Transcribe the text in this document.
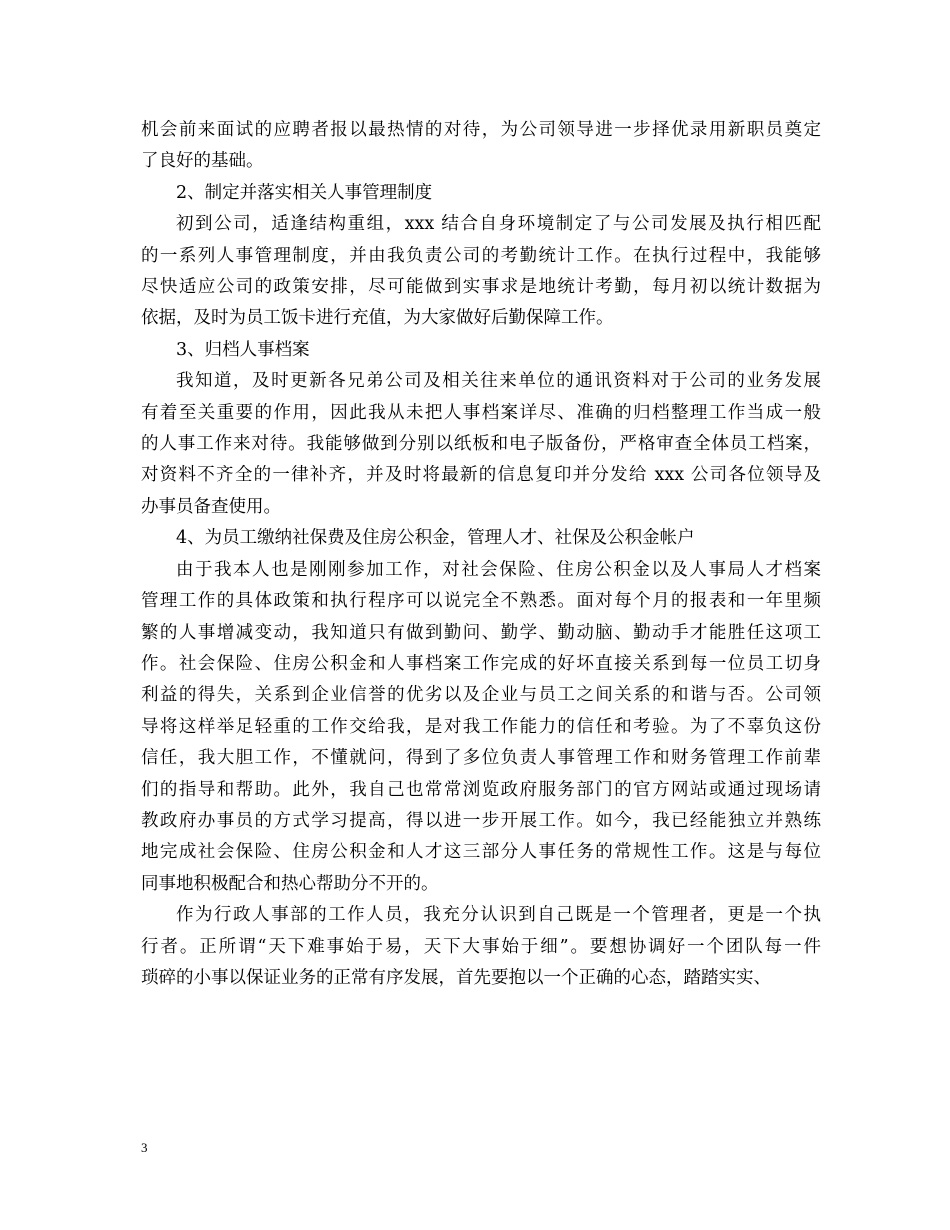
机会前来面试的应聘者报以最热情的对待，为公司领导进一步择优录用新职员奠定
了良好的基础。
2、制定并落实相关人事管理制度
初到公司，适逢结构重组，xxx 结合自身环境制定了与公司发展及执行相匹配
的一系列人事管理制度，并由我负责公司的考勤统计工作。在执行过程中，我能够
尽快适应公司的政策安排，尽可能做到实事求是地统计考勤，每月初以统计数据为
依据，及时为员工饭卡进行充值，为大家做好后勤保障工作。
3、归档人事档案
我知道，及时更新各兄弟公司及相关往来单位的通讯资料对于公司的业务发展
有着至关重要的作用，因此我从未把人事档案详尽、准确的归档整理工作当成一般
的人事工作来对待。我能够做到分别以纸板和电子版备份，严格审查全体员工档案，
对资料不齐全的一律补齐，并及时将最新的信息复印并分发给 xxx 公司各位领导及
办事员备查使用。
4、为员工缴纳社保费及住房公积金，管理人才、社保及公积金帐户
由于我本人也是刚刚参加工作，对社会保险、住房公积金以及人事局人才档案
管理工作的具体政策和执行程序可以说完全不熟悉。面对每个月的报表和一年里频
繁的人事增减变动，我知道只有做到勤问、勤学、勤动脑、勤动手才能胜任这项工
作。社会保险、住房公积金和人事档案工作完成的好坏直接关系到每一位员工切身
利益的得失，关系到企业信誉的优劣以及企业与员工之间关系的和谐与否。公司领
导将这样举足轻重的工作交给我，是对我工作能力的信任和考验。为了不辜负这份
信任，我大胆工作，不懂就问，得到了多位负责人事管理工作和财务管理工作前辈
们的指导和帮助。此外，我自己也常常浏览政府服务部门的官方网站或通过现场请
教政府办事员的方式学习提高，得以进一步开展工作。如今，我已经能独立并熟练
地完成社会保险、住房公积金和人才这三部分人事任务的常规性工作。这是与每位
同事地积极配合和热心帮助分不开的。
作为行政人事部的工作人员，我充分认识到自己既是一个管理者，更是一个执
行者。正所谓“天下难事始于易，天下大事始于细”。要想协调好一个团队每一件
琐碎的小事以保证业务的正常有序发展，首先要抱以一个正确的心态，踏踏实实、
3
